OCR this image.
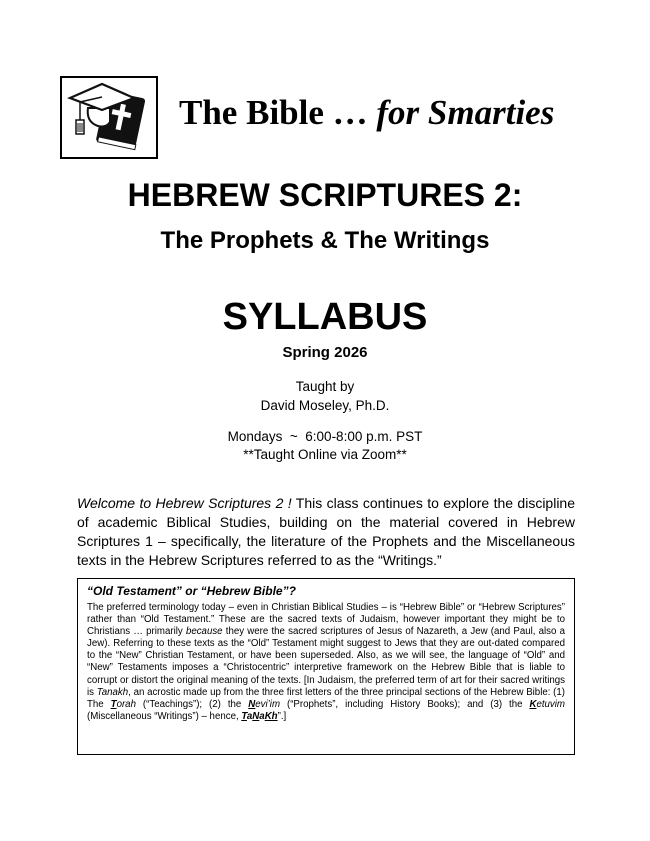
The Bible … for Smarties
HEBREW SCRIPTURES 2:
The Prophets & The Writings
SYLLABUS
Spring 2026
Taught by
David Moseley, Ph.D.
Mondays  ~  6:00-8:00 p.m. PST
**Taught Online via Zoom**
Welcome to Hebrew Scriptures 2 ! This class continues to explore the discipline of academic Biblical Studies, building on the material covered in Hebrew Scriptures 1 – specifically, the literature of the Prophets and the Miscellaneous texts in the Hebrew Scriptures referred to as the “Writings.”
“Old Testament” or “Hebrew Bible”?
The preferred terminology today – even in Christian Biblical Studies – is “Hebrew Bible” or “Hebrew Scriptures” rather than “Old Testament.” These are the sacred texts of Judaism, however important they might be to Christians … primarily because they were the sacred scriptures of Jesus of Nazareth, a Jew (and Paul, also a Jew). Referring to these texts as the “Old” Testament might suggest to Jews that they are out-dated compared to the “New” Christian Testament, or have been superseded. Also, as we will see, the language of “Old” and “New” Testaments imposes a “Christocentric” interpretive framework on the Hebrew Bible that is liable to corrupt or distort the original meaning of the texts. [In Judaism, the preferred term of art for their sacred writings is Tanakh, an acrostic made up from the three first letters of the three principal sections of the Hebrew Bible: (1) The Torah (“Teachings”); (2) the Nevi’im (“Prophets”, including History Books); and (3) the Ketuvim (Miscellaneous “Writings”) – hence, TaNaKh”.]
